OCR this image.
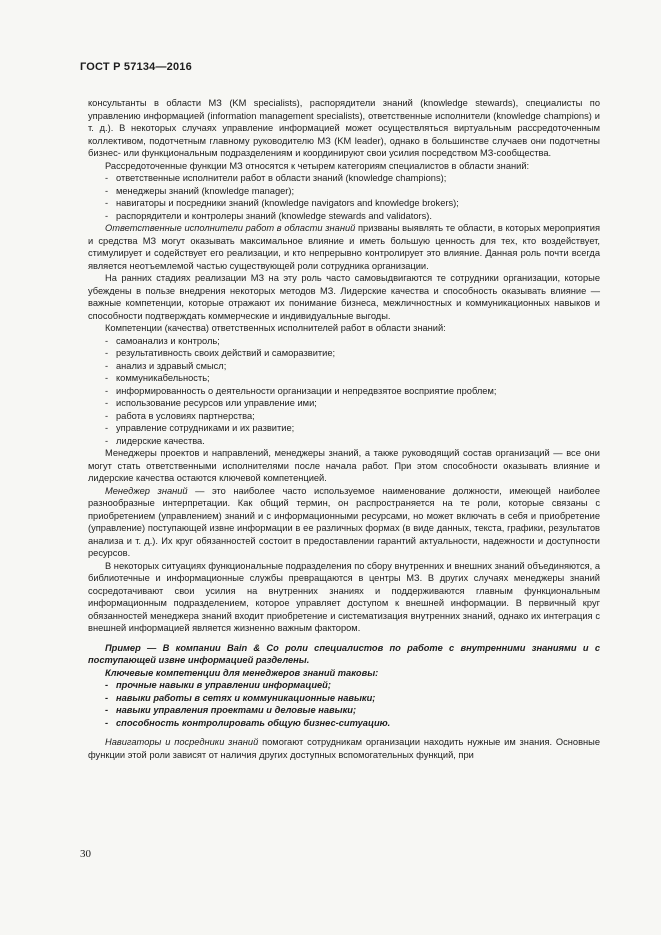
ГОСТ Р 57134—2016

консультанты в области МЗ (KM specialists), распорядители знаний (knowledge stewards), специалисты по управлению информацией (information management specialists), ответственные исполнители (knowledge champions) и т. д.). В некоторых случаях управление информацией может осуществляться виртуальным рассредоточенным коллективом, подотчетным главному руководителю МЗ (KM leader), однако в большинстве случаев они подотчетны бизнес- или функциональным подразделениям и координируют свои усилия посредством МЗ-сообщества.

Рассредоточенные функции МЗ относятся к четырем категориям специалистов в области знаний:

- ответственные исполнители работ в области знаний (knowledge champions);

- менеджеры знаний (knowledge manager);

- навигаторы и посредники знаний (knowledge navigators and knowledge brokers);

- распорядители и контролеры знаний (knowledge stewards and validators).

Ответственные исполнители работ в области знаний призваны выявлять те области, в которых мероприятия и средства МЗ могут оказывать максимальное влияние и иметь большую ценность для тех, кто воздействует, стимулирует и содействует его реализации, и кто непрерывно контролирует это влияние. Данная роль почти всегда является неотъемлемой частью существующей роли сотрудника организации.

На ранних стадиях реализации МЗ на эту роль часто самовыдвигаются те сотрудники организации, которые убеждены в пользе внедрения некоторых методов МЗ. Лидерские качества и способность оказывать влияние — важные компетенции, которые отражают их понимание бизнеса, межличностных и коммуникационных навыков и способности подтверждать коммерческие и индивидуальные выгоды.

Компетенции (качества) ответственных исполнителей работ в области знаний:

- самоанализ и контроль;

- результативность своих действий и саморазвитие;

- анализ и здравый смысл;

- коммуникабельность;

- информированность о деятельности организации и непредвзятое восприятие проблем;

- использование ресурсов или управление ими;

- работа в условиях партнерства;

- управление сотрудниками и их развитие;

- лидерские качества.

Менеджеры проектов и направлений, менеджеры знаний, а также руководящий состав организаций — все они могут стать ответственными исполнителями после начала работ. При этом способности оказывать влияние и лидерские качества остаются ключевой компетенцией.

Менеджер знаний — это наиболее часто используемое наименование должности, имеющей наиболее разнообразные интерпретации. Как общий термин, он распространяется на те роли, которые связаны с приобретением (управлением) знаний и с информационными ресурсами, но может включать в себя и приобретение (управление) поступающей извне информации в ее различных формах (в виде данных, текста, графики, результатов анализа и т. д.). Их круг обязанностей состоит в предоставлении гарантий актуальности, надежности и доступности ресурсов.

В некоторых ситуациях функциональные подразделения по сбору внутренних и внешних знаний объединяются, а библиотечные и информационные службы превращаются в центры МЗ. В других случаях менеджеры знаний сосредотачивают свои усилия на внутренних знаниях и поддерживаются главным функциональным информационным подразделением, которое управляет доступом к внешней информации. В первичный круг обязанностей менеджера знаний входит приобретение и систематизация внутренних знаний, однако их интеграция с внешней информацией является жизненно важным фактором.

Пример — В компании Bain & Co роли специалистов по работе с внутренними знаниями и с поступающей извне информацией разделены.

Ключевые компетенции для менеджеров знаний таковы:

- прочные навыки в управлении информацией;

- навыки работы в сетях и коммуникационные навыки;

- навыки управления проектами и деловые навыки;

- способность контролировать общую бизнес-ситуацию.

Навигаторы и посредники знаний помогают сотрудникам организации находить нужные им знания. Основные функции этой роли зависят от наличия других доступных вспомогательных функций, при

30
